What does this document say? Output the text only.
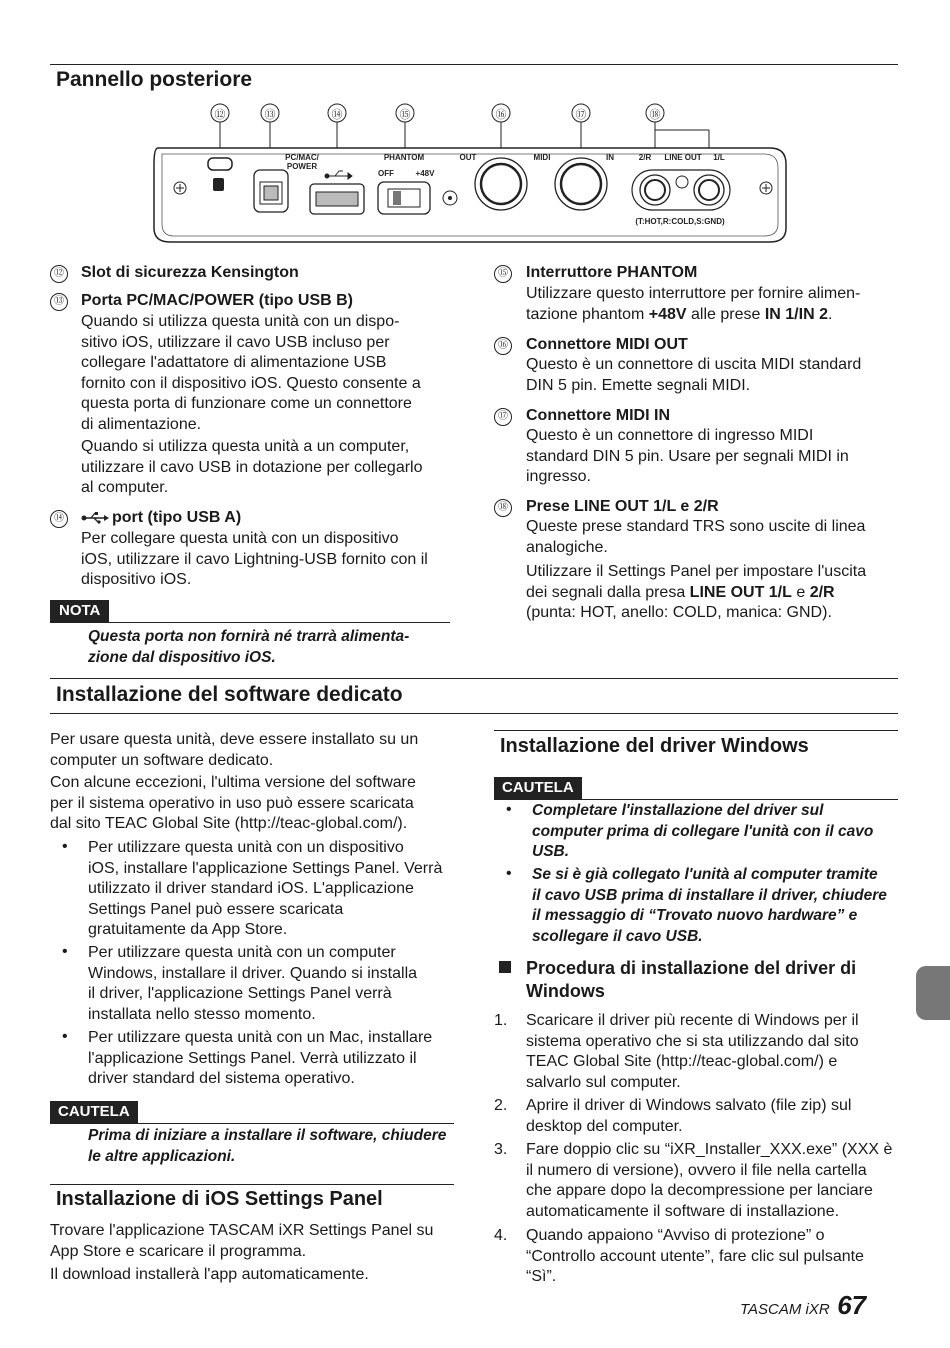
Pannello posteriore
⑫	⑬	⑭	⑮	⑯	⑰	⑱
PC/MAC/
POWER
PHANTOM
OFF	+48V
OUT	MIDI	IN	2/R LINE OUT 1/L
(T:HOT,R:COLD,S:GND)
⑫ Slot di sicurezza Kensington
⑬ Porta PC/MAC/POWER (tipo USB B)
Quando si utilizza questa unità con un dispo-
sitivo iOS, utilizzare il cavo USB incluso per
collegare l'adattatore di alimentazione USB
fornito con il dispositivo iOS. Questo consente a
questa porta di funzionare come un connettore
di alimentazione.
Quando si utilizza questa unità a un computer,
utilizzare il cavo USB in dotazione per collegarlo
al computer.
⑭	port (tipo USB A)
Per collegare questa unità con un dispositivo
iOS, utilizzare il cavo Lightning-USB fornito con il
dispositivo iOS.
NOTA
Questa porta non fornirà né trarrà alimenta-
zione dal dispositivo iOS.
⑮ Interruttore PHANTOM
Utilizzare questo interruttore per fornire alimen-
tazione phantom +48V alle prese IN 1/IN 2.
⑯ Connettore MIDI OUT
Questo è un connettore di uscita MIDI standard
DIN 5 pin. Emette segnali MIDI.
⑰ Connettore MIDI IN
Questo è un connettore di ingresso MIDI
standard DIN 5 pin. Usare per segnali MIDI in
ingresso.
⑱ Prese LINE OUT 1/L e 2/R
Queste prese standard TRS sono uscite di linea
analogiche.
Utilizzare il Settings Panel per impostare l'uscita
dei segnali dalla presa LINE OUT 1/L e 2/R
(punta: HOT, anello: COLD, manica: GND).
Installazione del software dedicato
Per usare questa unità, deve essere installato su un
computer un software dedicato.
Con alcune eccezioni, l'ultima versione del software
per il sistema operativo in uso può essere scaricata
dal sito TEAC Global Site (http://teac-global.com/).
• Per utilizzare questa unità con un dispositivo
iOS, installare l'applicazione Settings Panel. Verrà
utilizzato il driver standard iOS. L'applicazione
Settings Panel può essere scaricata
gratuitamente da App Store.
• Per utilizzare questa unità con un computer
Windows, installare il driver. Quando si installa
il driver, l'applicazione Settings Panel verrà
installata nello stesso momento.
• Per utilizzare questa unità con un Mac, installare
l'applicazione Settings Panel. Verrà utilizzato il
driver standard del sistema operativo.
CAUTELA
Prima di iniziare a installare il software, chiudere
le altre applicazioni.
Installazione di iOS Settings Panel
Trovare l'applicazione TASCAM iXR Settings Panel su
App Store e scaricare il programma.
Il download installerà l'app automaticamente.
Installazione del driver Windows
CAUTELA
• Completare l'installazione del driver sul
computer prima di collegare l'unità con il cavo
USB.
• Se si è già collegato l'unità al computer tramite
il cavo USB prima di installare il driver, chiudere
il messaggio di “Trovato nuovo hardware” e
scollegare il cavo USB.
Procedura di installazione del driver di
Windows
1. Scaricare il driver più recente di Windows per il
sistema operativo che si sta utilizzando dal sito
TEAC Global Site (http://teac-global.com/) e
salvarlo sul computer.
2. Aprire il driver di Windows salvato (file zip) sul
desktop del computer.
3. Fare doppio clic su “iXR_Installer_XXX.exe” (XXX è
il numero di versione), ovvero il file nella cartella
che appare dopo la decompressione per lanciare
automaticamente il software di installazione.
4. Quando appaiono “Avviso di protezione” o
“Controllo account utente”, fare clic sul pulsante
“Sì”.
TASCAM iXR 67
